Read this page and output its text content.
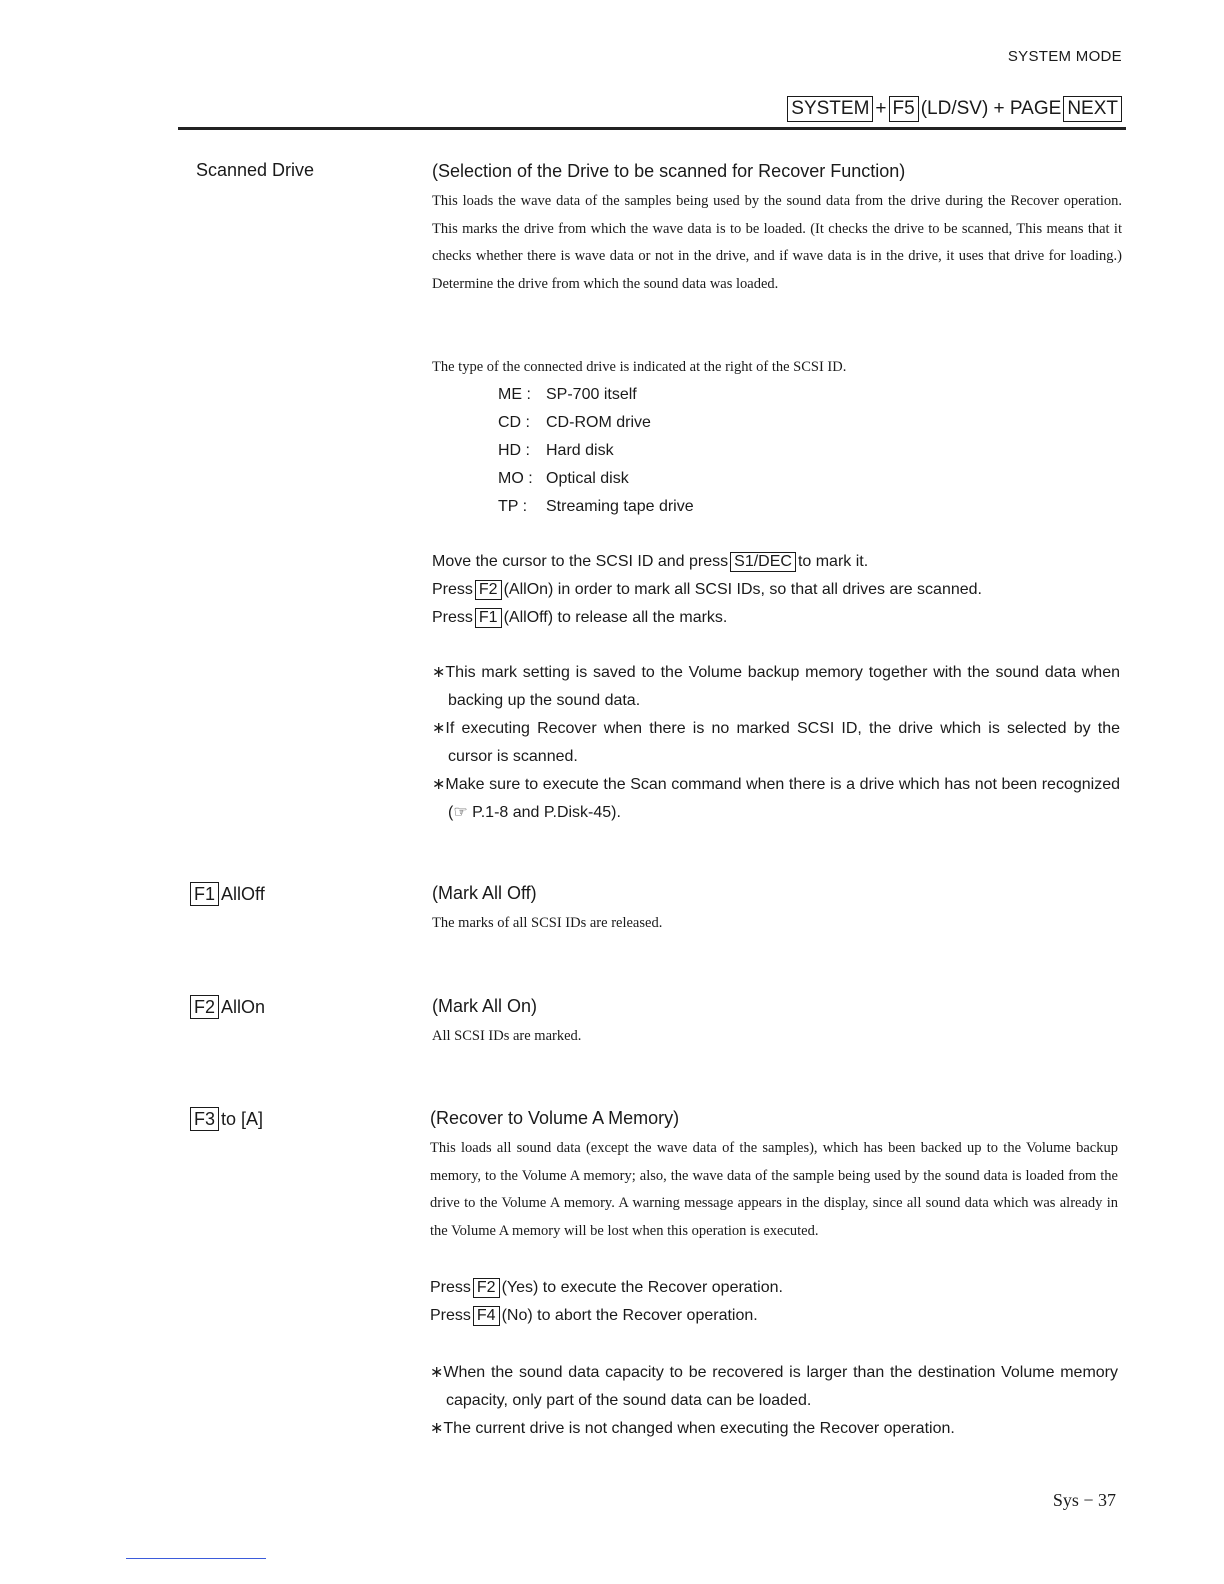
SYSTEM MODE
SYSTEM + F5 (LD/SV) + PAGE NEXT
Scanned Drive	(Selection of the Drive to be scanned for Recover Function)

This loads the wave data of the samples being used by the sound data from the drive during the Recover operation. This marks the drive from which the wave data is to be loaded. (It checks the drive to be scanned, This means that it checks whether there is wave data or not in the drive, and if wave data is in the drive, it uses that drive for loading.) Determine the drive from which the sound data was loaded.

The type of the connected drive is indicated at the right of the SCSI ID.

ME : SP-700 itself
CD : CD-ROM drive
HD : Hard disk
MO : Optical disk
TP : Streaming tape drive

Move the cursor to the SCSI ID and press S1/DEC to mark it.

Press F2 (AllOn) in order to mark all SCSI IDs, so that all drives are scanned.

Press F1 (AllOff) to release all the marks.

∗This mark setting is saved to the Volume backup memory together with the sound data when backing up the sound data.

∗If executing Recover when there is no marked SCSI ID, the drive which is selected by the cursor is scanned.

∗Make sure to execute the Scan command when there is a drive which has not been recognized (☞ P.1-8 and P.Disk-45).

F1 AllOff	(Mark All Off)

The marks of all SCSI IDs are released.

F2 AllOn	(Mark All On)

All SCSI IDs are marked.

F3 to [A]	(Recover to Volume A Memory)

This loads all sound data (except the wave data of the samples), which has been backed up to the Volume backup memory, to the Volume A memory; also, the wave data of the sample being used by the sound data is loaded from the drive to the Volume A memory. A warning message appears in the display, since all sound data which was already in the Volume A memory will be lost when this operation is executed.

Press F2 (Yes) to execute the Recover operation.

Press F4 (No) to abort the Recover operation.

∗When the sound data capacity to be recovered is larger than the destination Volume memory capacity, only part of the sound data can be loaded.

∗The current drive is not changed when executing the Recover operation.

Sys − 37
